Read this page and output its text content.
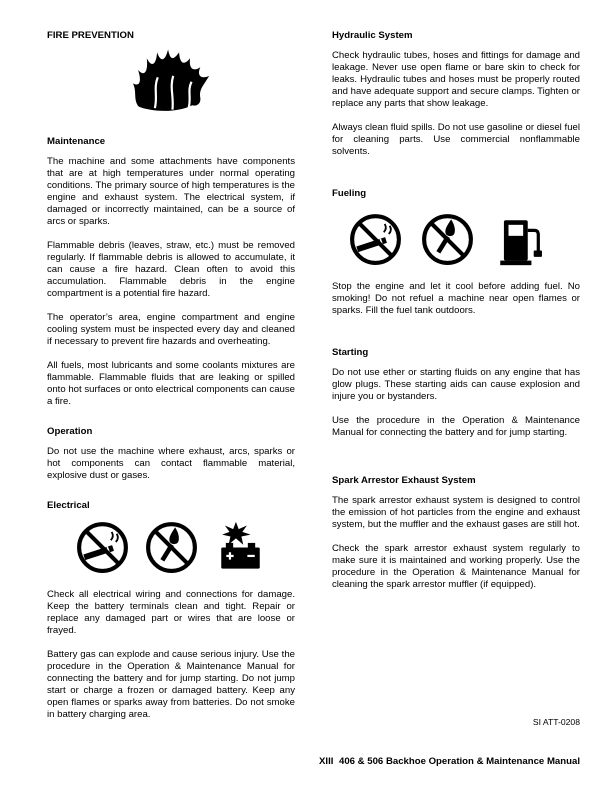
FIRE PREVENTION
Maintenance

The machine and some attachments have components that are at high temperatures under normal operating conditions. The primary source of high temperatures is the engine and exhaust system. The electrical system, if damaged or incorrectly maintained, can be a source of arcs or sparks.

Flammable debris (leaves, straw, etc.) must be removed regularly. If flammable debris is allowed to accumulate, it can cause a fire hazard. Clean often to avoid this accumulation. Flammable debris in the engine compartment is a potential fire hazard.

The operator’s area, engine compartment and engine cooling system must be inspected every day and cleaned if necessary to prevent fire hazards and overheating.

All fuels, most lubricants and some coolants mixtures are flammable. Flammable fluids that are leaking or spilled onto hot surfaces or onto electrical components can cause a fire.

Operation

Do not use the machine where exhaust, arcs, sparks or hot components can contact flammable material, explosive dust or gases.

Electrical

Check all electrical wiring and connections for damage. Keep the battery terminals clean and tight. Repair or replace any damaged part or wires that are loose or frayed.

Battery gas can explode and cause serious injury. Use the procedure in the Operation & Maintenance Manual for connecting the battery and for jump starting. Do not jump start or charge a frozen or damaged battery. Keep any open flames or sparks away from batteries. Do not smoke in battery charging area.

Hydraulic System

Check hydraulic tubes, hoses and fittings for damage and leakage. Never use open flame or bare skin to check for leaks. Hydraulic tubes and hoses must be properly routed and have adequate support and secure clamps. Tighten or replace any parts that show leakage.

Always clean fluid spills. Do not use gasoline or diesel fuel for cleaning parts. Use commercial nonflammable solvents.

Fueling

Stop the engine and let it cool before adding fuel. No smoking! Do not refuel a machine near open flames or sparks. Fill the fuel tank outdoors.

Starting

Do not use ether or starting fluids on any engine that has glow plugs. These starting aids can cause explosion and injure you or bystanders.

Use the procedure in the Operation & Maintenance Manual for connecting the battery and for jump starting.

Spark Arrestor Exhaust System

The spark arrestor exhaust system is designed to control the emission of hot particles from the engine and exhaust system, but the muffler and the exhaust gases are still hot.

Check the spark arrestor exhaust system regularly to make sure it is maintained and working properly. Use the procedure in the Operation & Maintenance Manual for cleaning the spark arrestor muffler (if equipped).

SI ATT-0208
XIII 406 & 506 Backhoe Operation & Maintenance Manual
